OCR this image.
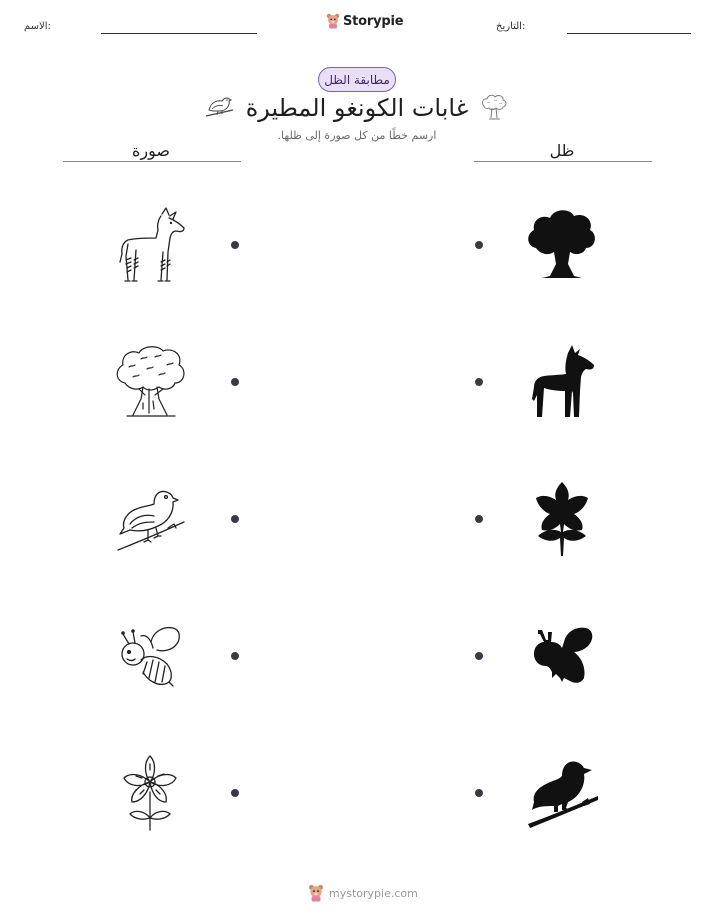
الاسم:	Storypie	التاريخ:
مطابقة الظل
غابات الكونغو المطيرة
ارسم خطًا من كل صورة إلى ظلها.
صورة	ظل
mystorypie.com
